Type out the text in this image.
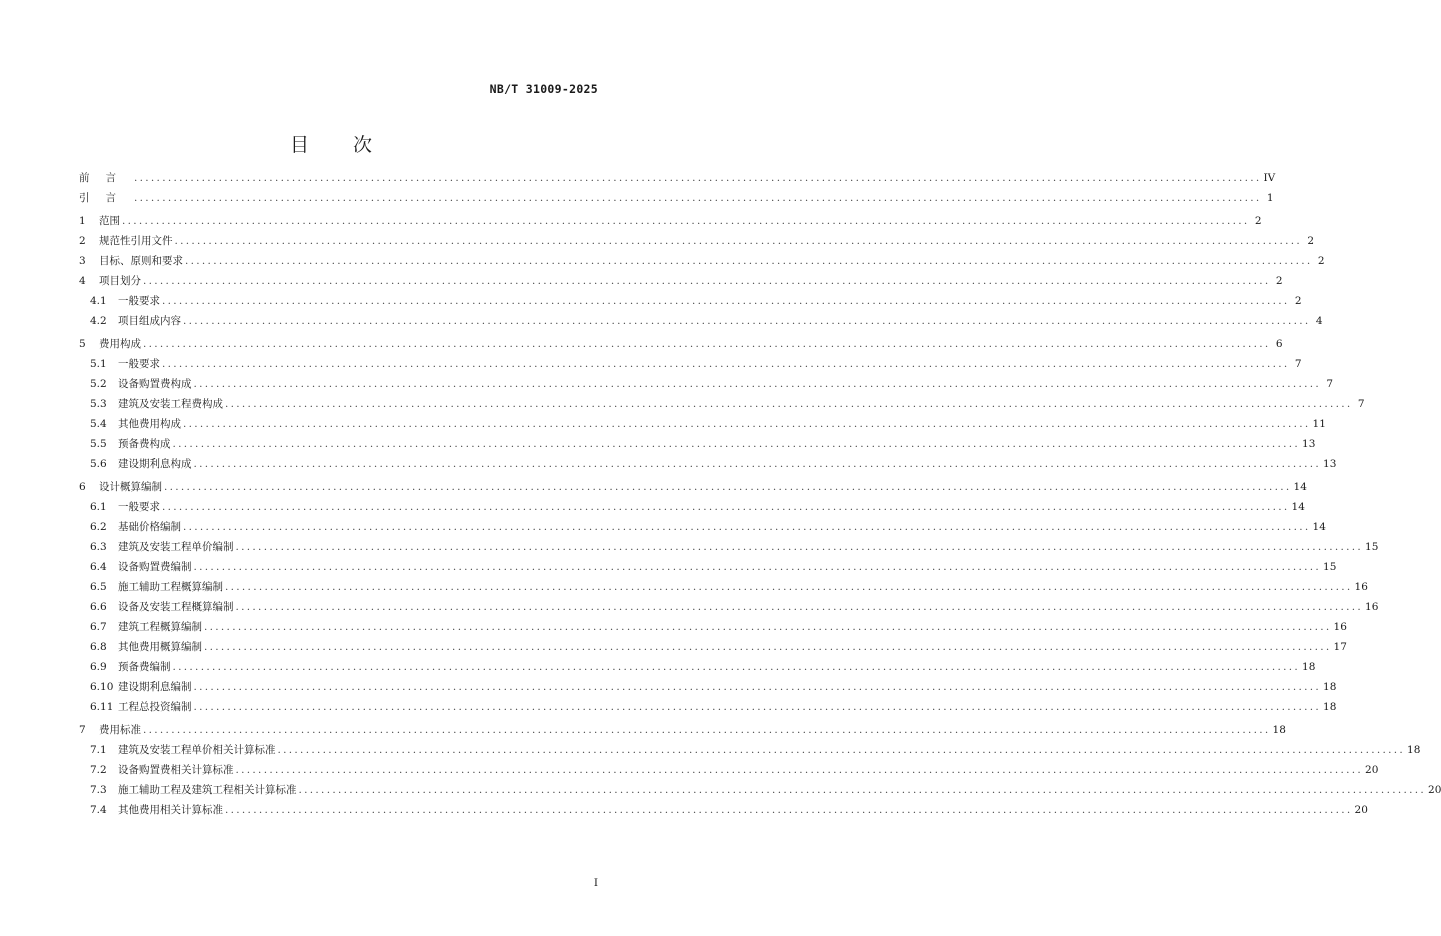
NB/T 31009-2025
目次
前言 ........................................................................................................................................................................................................ IV
引言 ........................................................................................................................................................................................................ 1
1	范围 ........................................................................................................................................................................................................ 2
2	规范性引用文件 ........................................................................................................................................................................................................ 2
3	目标、原则和要求 ........................................................................................................................................................................................................ 2
4	项目划分 ........................................................................................................................................................................................................ 2
4.1	一般要求 ........................................................................................................................................................................................................ 2
4.2	项目组成内容 ........................................................................................................................................................................................................ 4
5	费用构成 ........................................................................................................................................................................................................ 6
5.1	一般要求 ........................................................................................................................................................................................................ 7
5.2	设备购置费构成 ........................................................................................................................................................................................................ 7
5.3	建筑及安装工程费构成 ........................................................................................................................................................................................................ 7
5.4	其他费用构成 ........................................................................................................................................................................................................ 11
5.5	预备费构成 ........................................................................................................................................................................................................ 13
5.6	建设期利息构成 ........................................................................................................................................................................................................ 13
6	设计概算编制 ........................................................................................................................................................................................................ 14
6.1	一般要求 ........................................................................................................................................................................................................ 14
6.2	基础价格编制 ........................................................................................................................................................................................................ 14
6.3	建筑及安装工程单价编制 ........................................................................................................................................................................................................ 15
6.4	设备购置费编制 ........................................................................................................................................................................................................ 15
6.5	施工辅助工程概算编制 ........................................................................................................................................................................................................ 16
6.6	设备及安装工程概算编制 ........................................................................................................................................................................................................ 16
6.7	建筑工程概算编制 ........................................................................................................................................................................................................ 16
6.8	其他费用概算编制 ........................................................................................................................................................................................................ 17
6.9	预备费编制 ........................................................................................................................................................................................................ 18
6.10 建设期利息编制 ........................................................................................................................................................................................................ 18
6.11 工程总投资编制 ........................................................................................................................................................................................................ 18
7	费用标准 ........................................................................................................................................................................................................ 18
7.1	建筑及安装工程单价相关计算标准 ........................................................................................................................................................................................................ 18
7.2	设备购置费相关计算标准 ........................................................................................................................................................................................................ 20
7.3	施工辅助工程及建筑工程相关计算标准 ........................................................................................................................................................................................................ 20
7.4	其他费用相关计算标准 ........................................................................................................................................................................................................ 20
I
